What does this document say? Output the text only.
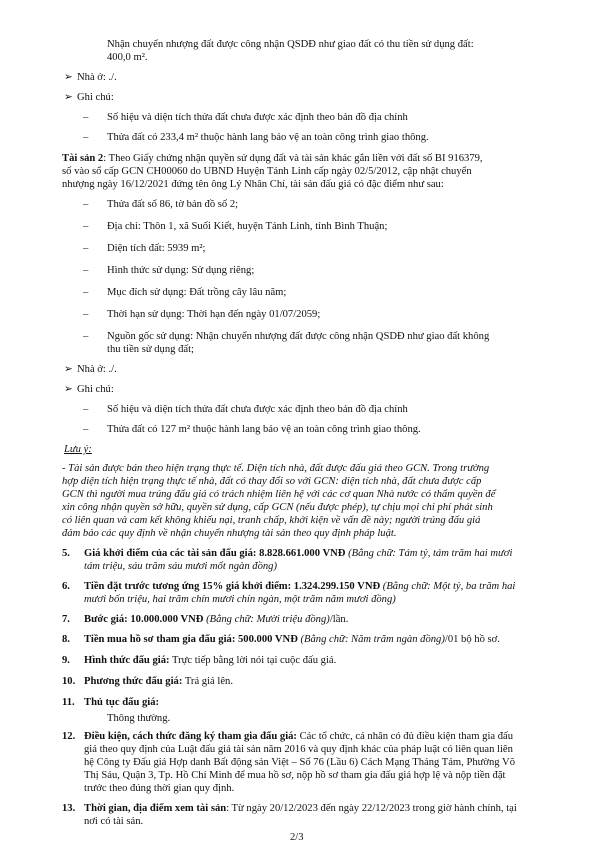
Nhận chuyển nhượng đất được công nhận QSDĐ như giao đất có thu tiền sử dụng đất:
400,0 m².
➢ Nhà ở: ./.
➢ Ghi chú:
– Số hiệu và diện tích thửa đất chưa được xác định theo bản đồ địa chính
– Thửa đất có 233,4 m² thuộc hành lang bảo vệ an toàn công trình giao thông.
Tài sản 2: Theo Giấy chứng nhận quyền sử dụng đất và tài sản khác gắn liền với đất số BI 916379,
số vào sổ cấp GCN CH00060 do UBND Huyện Tánh Linh cấp ngày 02/5/2012, cập nhật chuyển
nhượng ngày 16/12/2021 đứng tên ông Lý Nhân Chí, tài sản đấu giá có đặc điểm như sau:
– Thửa đất số 86, tờ bản đồ số 2;
– Địa chỉ: Thôn 1, xã Suối Kiết, huyện Tánh Linh, tỉnh Bình Thuận;
– Diện tích đất: 5939 m²;
– Hình thức sử dụng: Sử dụng riêng;
– Mục đích sử dụng: Đất trồng cây lâu năm;
– Thời hạn sử dụng: Thời hạn đến ngày 01/07/2059;
– Nguồn gốc sử dụng: Nhận chuyển nhượng đất được công nhận QSDĐ như giao đất không
thu tiền sử dụng đất;
➢ Nhà ở: ./.
➢ Ghi chú:
– Số hiệu và diện tích thửa đất chưa được xác định theo bản đồ địa chính
– Thửa đất có 127 m² thuộc hành lang bảo vệ an toàn công trình giao thông.
Lưu ý:
- Tài sản được bán theo hiện trạng thực tế. Diện tích nhà, đất được đấu giá theo GCN. Trong trường
hợp diện tích hiện trạng thực tế nhà, đất có thay đổi so với GCN: diện tích nhà, đất chưa được cấp
GCN thì người mua trúng đấu giá có trách nhiệm liên hệ với các cơ quan Nhà nước có thẩm quyền để
xin công nhận quyền sở hữu, quyền sử dụng, cấp GCN (nếu được phép), tự chịu mọi chi phí phát sinh
có liên quan và cam kết không khiếu nại, tranh chấp, khởi kiện về vấn đề này; người trúng đấu giá
đảm bảo các quy định về nhận chuyển nhượng tài sản theo quy định pháp luật.
5. Giá khởi điểm của các tài sản đấu giá: 8.828.661.000 VNĐ (Bằng chữ: Tám tỷ, tám trăm hai mươi
tám triệu, sáu trăm sáu mươi mốt ngàn đồng)
6. Tiền đặt trước tương ứng 15% giá khởi điểm: 1.324.299.150 VNĐ (Bằng chữ: Một tỷ, ba trăm hai
mươi bốn triệu, hai trăm chín mươi chín ngàn, một trăm năm mươi đồng)
7. Bước giá: 10.000.000 VNĐ (Bằng chữ: Mười triệu đồng)/lần.
8. Tiền mua hồ sơ tham gia đấu giá: 500.000 VNĐ (Bằng chữ: Năm trăm ngàn đồng)/01 bộ hồ sơ.
9. Hình thức đấu giá: Trực tiếp bằng lời nói tại cuộc đấu giá.
10. Phương thức đấu giá: Trả giá lên.
11. Thủ tục đấu giá:
Thông thường.
12. Điều kiện, cách thức đăng ký tham gia đấu giá: Các tổ chức, cá nhân có đủ điều kiện tham gia đấu
giá theo quy định của Luật đấu giá tài sản năm 2016 và quy định khác của pháp luật có liên quan liên
hệ Công ty Đấu giá Hợp danh Bất động sản Việt – Số 76 (Lầu 6) Cách Mạng Tháng Tám, Phường Võ
Thị Sáu, Quận 3, Tp. Hồ Chí Minh để mua hồ sơ, nộp hồ sơ tham gia đấu giá hợp lệ và nộp tiền đặt
trước theo đúng thời gian quy định.
13. Thời gian, địa điểm xem tài sản: Từ ngày 20/12/2023 đến ngày 22/12/2023 trong giờ hành chính, tại
nơi có tài sản.
2/3
